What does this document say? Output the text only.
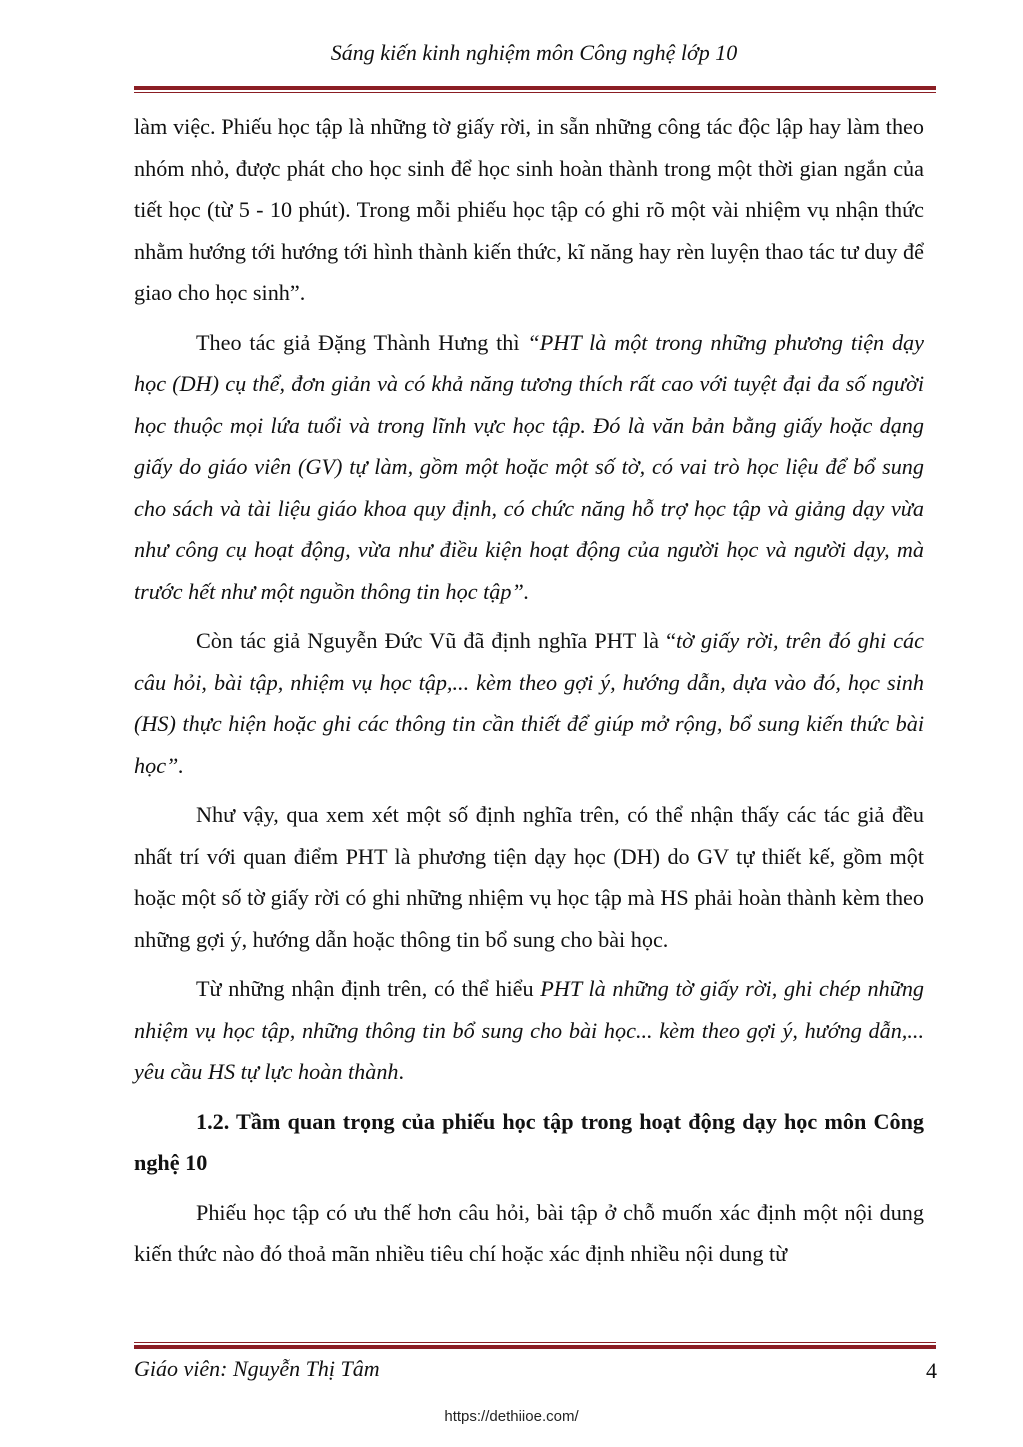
Sáng kiến kinh nghiệm môn Công nghệ lớp 10

làm việc. Phiếu học tập là những tờ giấy rời, in sẵn những công tác độc lập hay làm theo nhóm nhỏ, được phát cho học sinh để học sinh hoàn thành trong một thời gian ngắn của tiết học (từ 5 - 10 phút). Trong mỗi phiếu học tập có ghi rõ một vài nhiệm vụ nhận thức nhằm hướng tới hướng tới hình thành kiến thức, kĩ năng hay rèn luyện thao tác tư duy để giao cho học sinh”.

Theo tác giả Đặng Thành Hưng thì “PHT là một trong những phương tiện dạy học (DH) cụ thể, đơn giản và có khả năng tương thích rất cao với tuyệt đại đa số người học thuộc mọi lứa tuổi và trong lĩnh vực học tập. Đó là văn bản bằng giấy hoặc dạng giấy do giáo viên (GV) tự làm, gồm một hoặc một số tờ, có vai trò học liệu để bổ sung cho sách và tài liệu giáo khoa quy định, có chức năng hỗ trợ học tập và giảng dạy vừa như công cụ hoạt động, vừa như điều kiện hoạt động của người học và người dạy, mà trước hết như một nguồn thông tin học tập”.

Còn tác giả Nguyễn Đức Vũ đã định nghĩa PHT là “tờ giấy rời, trên đó ghi các câu hỏi, bài tập, nhiệm vụ học tập,... kèm theo gợi ý, hướng dẫn, dựa vào đó, học sinh (HS) thực hiện hoặc ghi các thông tin cần thiết để giúp mở rộng, bổ sung kiến thức bài học”.

Như vậy, qua xem xét một số định nghĩa trên, có thể nhận thấy các tác giả đều nhất trí với quan điểm PHT là phương tiện dạy học (DH) do GV tự thiết kế, gồm một hoặc một số tờ giấy rời có ghi những nhiệm vụ học tập mà HS phải hoàn thành kèm theo những gợi ý, hướng dẫn hoặc thông tin bổ sung cho bài học.

Từ những nhận định trên, có thể hiểu PHT là những tờ giấy rời, ghi chép những nhiệm vụ học tập, những thông tin bổ sung cho bài học... kèm theo gợi ý, hướng dẫn,... yêu cầu HS tự lực hoàn thành.

1.2. Tầm quan trọng của phiếu học tập trong hoạt động dạy học môn Công nghệ 10

Phiếu học tập có ưu thế hơn câu hỏi, bài tập ở chỗ muốn xác định một nội dung kiến thức nào đó thoả mãn nhiều tiêu chí hoặc xác định nhiều nội dung từ

Giáo viên: Nguyễn Thị Tâm	4
https://dethiioe.com/
